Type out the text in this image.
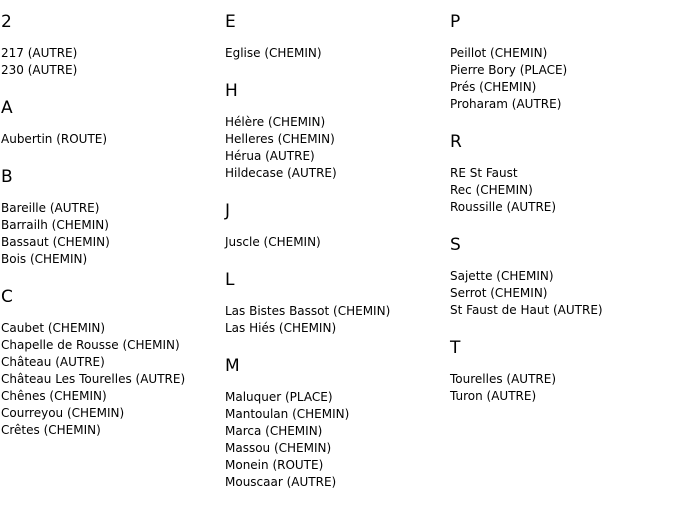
2
217 (AUTRE)
230 (AUTRE)
A
Aubertin (ROUTE)
B
Bareille (AUTRE)
Barrailh (CHEMIN)
Bassaut (CHEMIN)
Bois (CHEMIN)
C
Caubet (CHEMIN)
Chapelle de Rousse (CHEMIN)
Château (AUTRE)
Château Les Tourelles (AUTRE)
Chênes (CHEMIN)
Courreyou (CHEMIN)
Crêtes (CHEMIN)
E
Eglise (CHEMIN)
H
Hélère (CHEMIN)
Helleres (CHEMIN)
Hérua (AUTRE)
Hildecase (AUTRE)
J
Juscle (CHEMIN)
L
Las Bistes Bassot (CHEMIN)
Las Hiés (CHEMIN)
M
Maluquer (PLACE)
Mantoulan (CHEMIN)
Marca (CHEMIN)
Massou (CHEMIN)
Monein (ROUTE)
Mouscaar (AUTRE)
P
Peillot (CHEMIN)
Pierre Bory (PLACE)
Prés (CHEMIN)
Proharam (AUTRE)
R
RE St Faust
Rec (CHEMIN)
Roussille (AUTRE)
S
Sajette (CHEMIN)
Serrot (CHEMIN)
St Faust de Haut (AUTRE)
T
Tourelles (AUTRE)
Turon (AUTRE)
